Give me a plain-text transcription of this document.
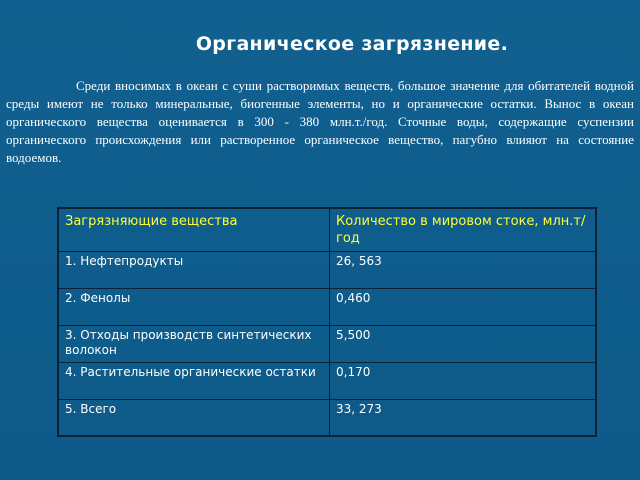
Органическое загрязнение.
Среди вносимых в океан с суши растворимых веществ, большое значение для обитателей водной среды имеют не только минеральные, биогенные элементы, но и органические остатки. Вынос в океан органического вещества оценивается в 300 - 380 млн.т./год. Сточные воды, содержащие суспензии органического происхождения или растворенное органическое вещество, пагубно влияют на состояние водоемов.
Загрязняющие вещества	Количество в мировом стоке, млн.т/год
1. Нефтепродукты	26, 563
2. Фенолы	0,460
3. Отходы производств синтетических волокон	5,500
4. Растительные органические остатки	0,170
5. Всего	33, 273
